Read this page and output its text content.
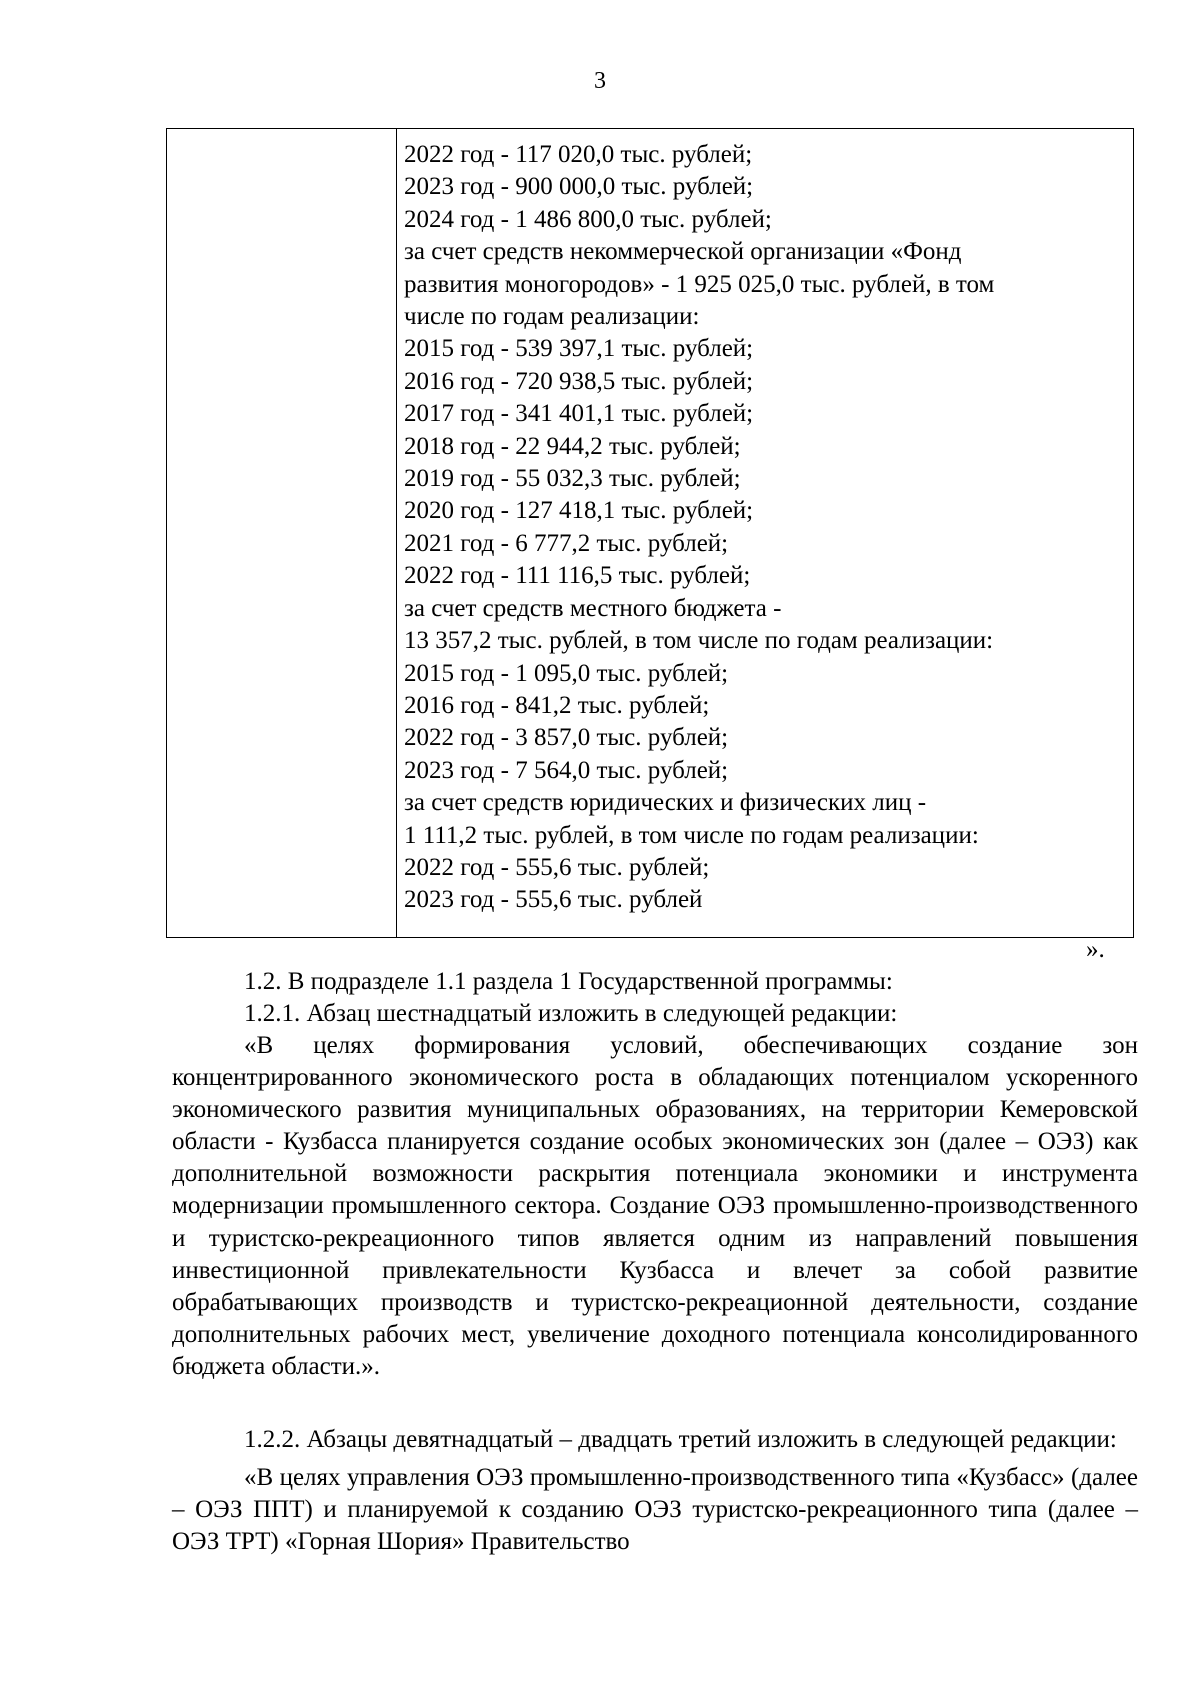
3
2022 год - 117 020,0 тыс. рублей;
2023 год - 900 000,0 тыс. рублей;
2024 год - 1 486 800,0 тыс. рублей;
за счет средств некоммерческой организации «Фонд
развития моногородов» - 1 925 025,0 тыс. рублей, в том
числе по годам реализации:
2015 год - 539 397,1 тыс. рублей;
2016 год - 720 938,5 тыс. рублей;
2017 год - 341 401,1 тыс. рублей;
2018 год - 22 944,2 тыс. рублей;
2019 год - 55 032,3 тыс. рублей;
2020 год - 127 418,1 тыс. рублей;
2021 год - 6 777,2 тыс. рублей;
2022 год - 111 116,5 тыс. рублей;
за счет средств местного бюджета -
13 357,2 тыс. рублей, в том числе по годам реализации:
2015 год - 1 095,0 тыс. рублей;
2016 год - 841,2 тыс. рублей;
2022 год - 3 857,0 тыс. рублей;
2023 год - 7 564,0 тыс. рублей;
за счет средств юридических и физических лиц -
1 111,2 тыс. рублей, в том числе по годам реализации:
2022 год - 555,6 тыс. рублей;
2023 год - 555,6 тыс. рублей
».
1.2. В подразделе 1.1 раздела 1 Государственной программы:
1.2.1. Абзац шестнадцатый изложить в следующей редакции:
«В целях формирования условий, обеспечивающих создание зон концентрированного экономического роста в обладающих потенциалом ускоренного экономического развития муниципальных образованиях, на территории Кемеровской области - Кузбасса планируется создание особых экономических зон (далее – ОЭЗ) как дополнительной возможности раскрытия потенциала экономики и инструмента модернизации промышленного сектора. Создание ОЭЗ промышленно-производственного и туристско-рекреационного типов является одним из направлений повышения инвестиционной привлекательности Кузбасса и влечет за собой развитие обрабатывающих производств и туристско-рекреационной деятельности, создание дополнительных рабочих мест, увеличение доходного потенциала консолидированного бюджета области.».
1.2.2. Абзацы девятнадцатый – двадцать третий изложить в следующей редакции:
«В целях управления ОЭЗ промышленно-производственного типа «Кузбасс» (далее – ОЭЗ ППТ) и планируемой к созданию ОЭЗ туристско-рекреационного типа (далее – ОЭЗ ТРТ) «Горная Шория» Правительство
